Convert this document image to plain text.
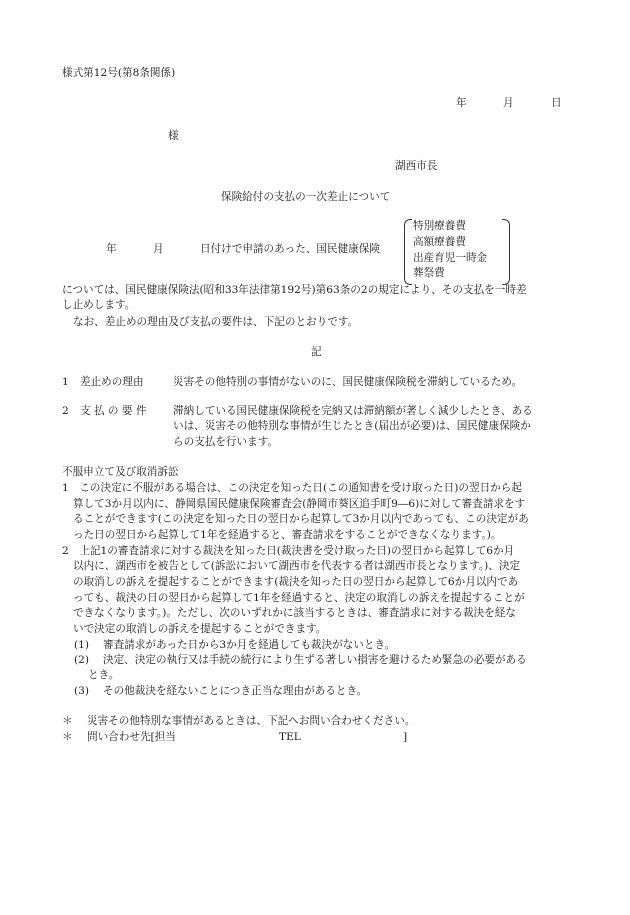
様式第12号(第8条関係)
年	月	日
様
湖西市長
保険給付の支払の一次差止について
年	月	日付けで申請のあった、国民健康保険
特別療養費
高額療養費
出産育児一時金
葬祭費
については、国民健康保険法(昭和33年法律第192号)第63条の2の規定により、その支払を一時差
し止めします。
なお、差止めの理由及び支払の要件は、下記のとおりです。
記
1 差止めの理由	災害その他特別の事情がないのに、国民健康保険税を滞納しているため。
2 支 払 の 要 件	滞納している国民健康保険税を完納又は滞納額が著しく減少したとき、ある
いは、災害その他特別な事情が生じたとき(届出が必要)は、国民健康保険か
らの支払を行います。
不服申立て及び取消訴訟
1　この決定に不服がある場合は、この決定を知った日(この通知書を受け取った日)の翌日から起
算して3か月以内に、静岡県国民健康保険審査会(静岡市葵区追手町9―6)に対して審査請求をす
ることができます(この決定を知った日の翌日から起算して3か月以内であっても、この決定があ
った日の翌日から起算して1年を経過すると、審査請求をすることができなくなります。)。
2　上記1の審査請求に対する裁決を知った日(裁決書を受け取った日)の翌日から起算して6か月
以内に、湖西市を被告として(訴訟において湖西市を代表する者は湖西市長となります。)、決定
の取消しの訴えを提起することができます(裁決を知った日の翌日から起算して6か月以内であ
っても、裁決の日の翌日から起算して1年を経過すると、決定の取消しの訴えを提起することが
できなくなります。)。ただし、次のいずれかに該当するときは、審査請求に対する裁決を経な
いで決定の取消しの訴えを提起することができます。
(1) 審査請求があった日から3か月を経過しても裁決がないとき。
(2) 決定、決定の執行又は手続の続行により生ずる著しい損害を避けるため緊急の必要がある
とき。
(3) その他裁決を経ないことにつき正当な理由があるとき。
＊ 災害その他特別な事情があるときは、下記へお問い合わせください。
＊ 問い合わせ先[担当	TEL	]
